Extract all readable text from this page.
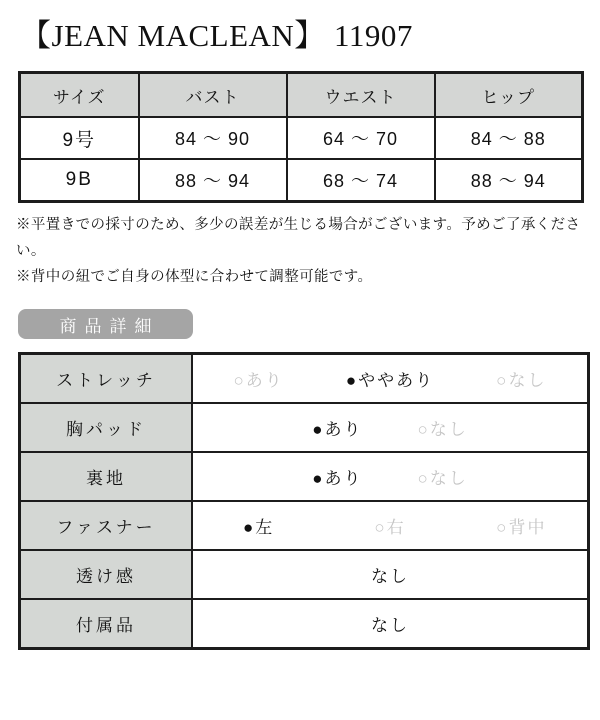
【JEAN MACLEAN】 11907
サイズ	バスト	ウエスト	ヒップ
9号	84 〜 90	64 〜 70	84 〜 88
9B	88 〜 94	68 〜 74	88 〜 94

※平置きでの採寸のため、多少の誤差が生じる場合がございます。予めご了承ください。

※背中の紐でご自身の体型に合わせて調整可能です。

商品詳細
ストレッチ	○ あり ● ややあり ○ なし

胸パッド	● あり ○ なし

裏地	● あり ○ なし

ファスナー	● 左 ○ 右 ○ 背中

透け感	なし
付属品	なし
